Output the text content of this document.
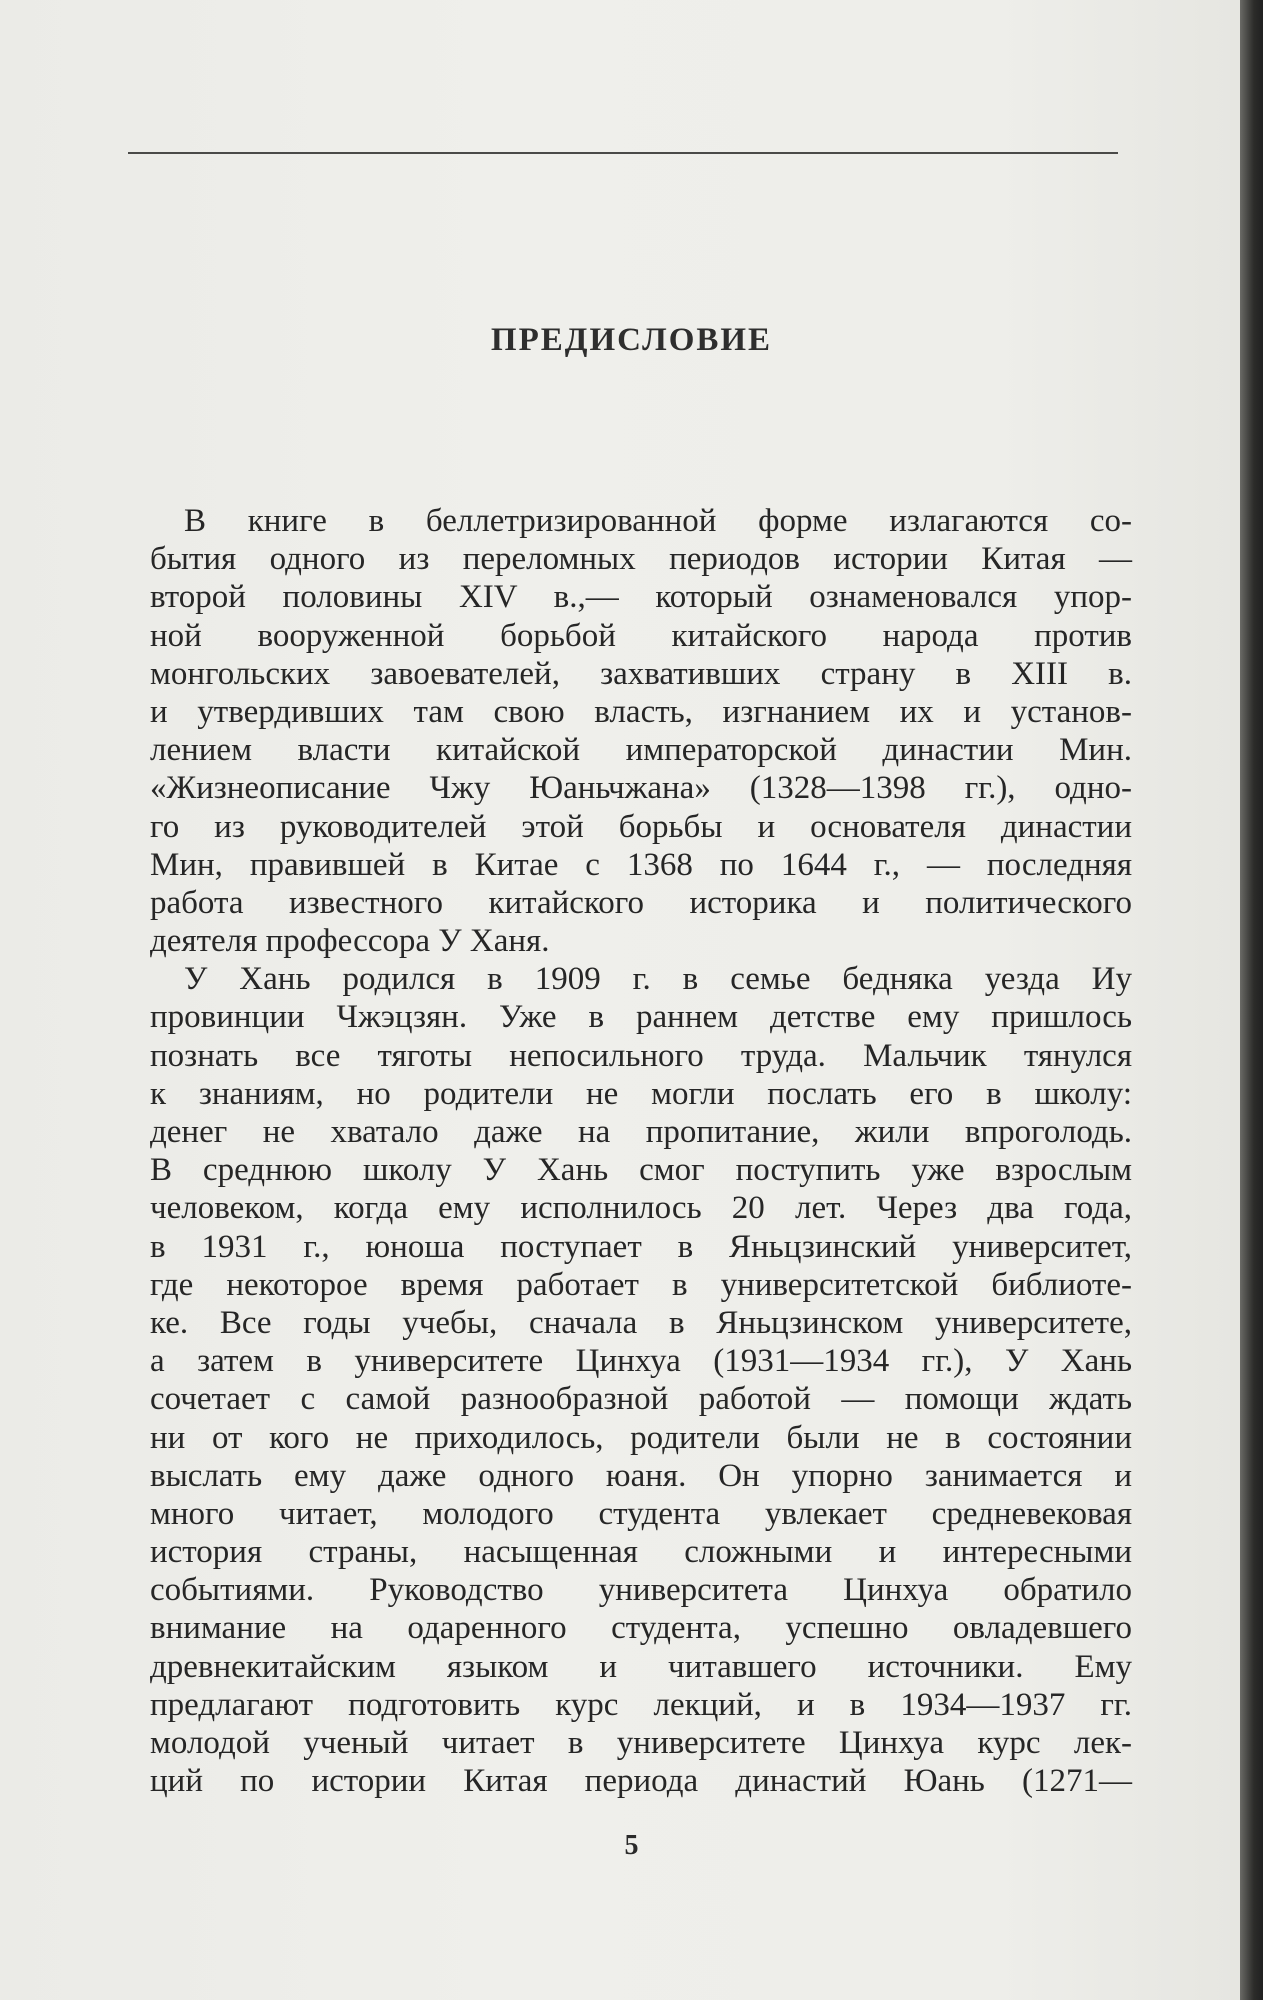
ПРЕДИСЛОВИЕ
В книге в беллетризированной форме излагаются со-
бытия одного из переломных периодов истории Китая —
второй половины XIV в.,— который ознаменовался упор-
ной вооруженной борьбой китайского народа против
монгольских завоевателей, захвативших страну в XIII в.
и утвердивших там свою власть, изгнанием их и установ-
лением власти китайской императорской династии Мин.
«Жизнеописание Чжу Юаньчжана» (1328—1398 гг.), одно-
го из руководителей этой борьбы и основателя династии
Мин, правившей в Китае с 1368 по 1644 г., — последняя
работа известного китайского историка и политического
деятеля профессора У Ханя.
У Хань родился в 1909 г. в семье бедняка уезда Иу
провинции Чжэцзян. Уже в раннем детстве ему пришлось
познать все тяготы непосильного труда. Мальчик тянулся
к знаниям, но родители не могли послать его в школу:
денег не хватало даже на пропитание, жили впроголодь.
В среднюю школу У Хань смог поступить уже взрослым
человеком, когда ему исполнилось 20 лет. Через два года,
в 1931 г., юноша поступает в Яньцзинский университет,
где некоторое время работает в университетской библиоте-
ке. Все годы учебы, сначала в Яньцзинском университете,
а затем в университете Цинхуа (1931—1934 гг.), У Хань
сочетает с самой разнообразной работой — помощи ждать
ни от кого не приходилось, родители были не в состоянии
выслать ему даже одного юаня. Он упорно занимается и
много читает, молодого студента увлекает средневековая
история страны, насыщенная сложными и интересными
событиями. Руководство университета Цинхуа обратило
внимание на одаренного студента, успешно овладевшего
древнекитайским языком и читавшего источники. Ему
предлагают подготовить курс лекций, и в 1934—1937 гг.
молодой ученый читает в университете Цинхуа курс лек-
ций по истории Китая периода династий Юань (1271—

5
